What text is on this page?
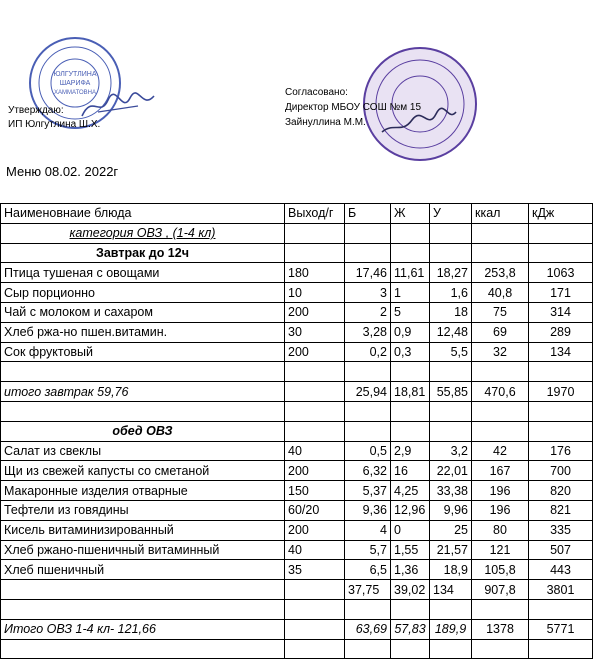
ЮЛГУТЛИНА
ШАРИФА
ХАММАТОВНА
Утверждаю:
ИП Юлгутлина Ш.Х.
Согласовано:
Директор МБОУ СОШ №м 15
Зайнуллина М.М.
Меню 08.02. 2022г
Наименовнаие блюда	Выход/г	Б	Ж	У	ккал	кДж
категория ОВЗ , (1-4 кл)						
Завтрак до 12ч						
Птица тушеная с овощами	180	17,46	11,61	18,27	253,8	1063
Сыр порционно	10	3	1	1,6	40,8	171
Чай с молоком и сахаром	200	2	5	18	75	314
Хлеб ржа-но пшен.витамин.	30	3,28	0,9	12,48	69	289
Сок фруктовый	200	0,2	0,3	5,5	32	134

итого завтрак 59,76		25,94	18,81	55,85	470,6	1970

обед ОВЗ						
Салат из свеклы	40	0,5	2,9	3,2	42	176
Щи из свежей капусты со сметаной	200	6,32	16	22,01	167	700
Макаронные изделия отварные	150	5,37	4,25	33,38	196	820
Тефтели из говядины	60/20	9,36	12,96	9,96	196	821
Кисель витаминизированный	200	4	0	25	80	335
Хлеб ржано-пшеничный витаминный	40	5,7	1,55	21,57	121	507
Хлеб пшеничный	35	6,5	1,36	18,9	105,8	443
		37,75	39,02	134	907,8	3801

Итого ОВЗ 1-4 кл- 121,66		63,69	57,83	189,9	1378	5771
